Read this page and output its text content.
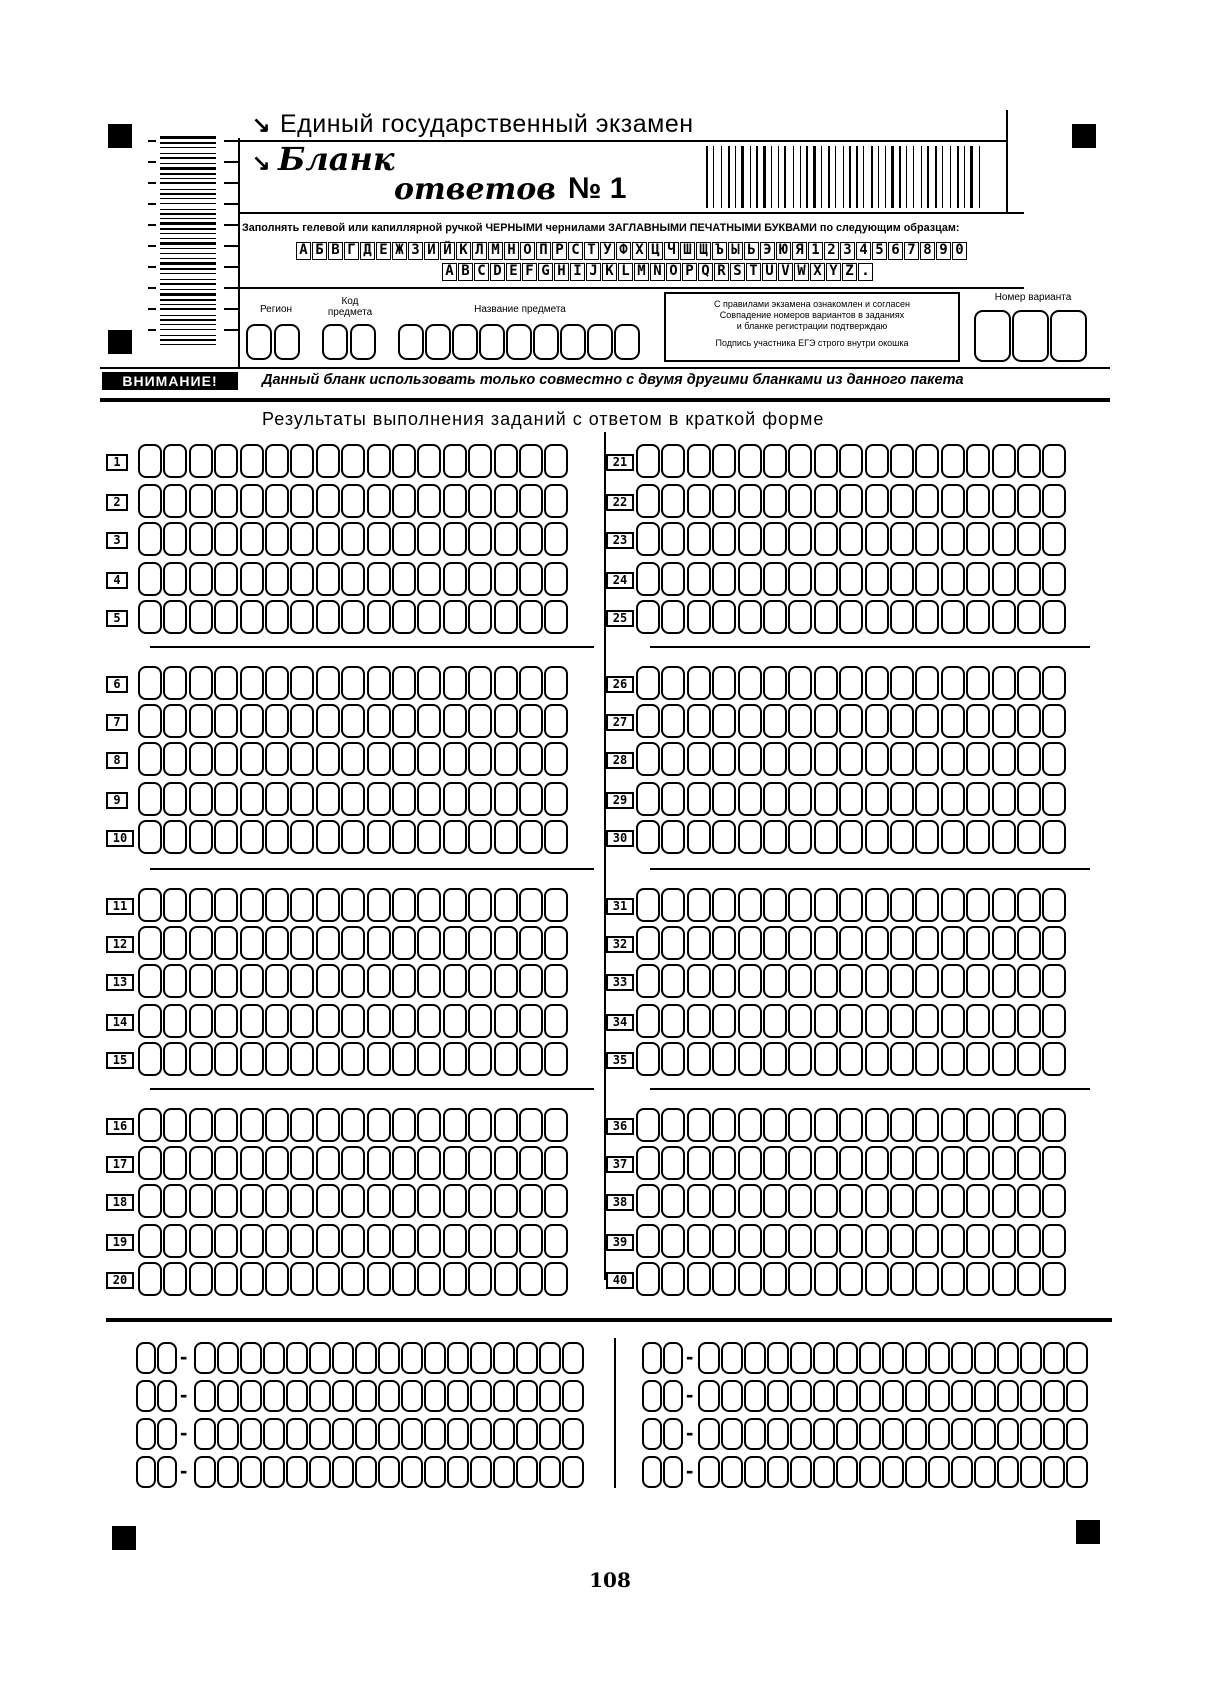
↘ Единый государственный экзамен
↘ Бланк
ответов № 1
Заполнять гелевой или капиллярной ручкой ЧЕРНЫМИ чернилами ЗАГЛАВНЫМИ ПЕЧАТНЫМИ БУКВАМИ по следующим образцам:
А Б В Г Д Е Ж З И Й К Л М Н О П Р С Т У Ф Х Ц Ч Ш Щ Ъ Ы Ь Э Ю Я 1 2 3 4 5 6 7 8 9 0
A B C D E F G H I J K L M N O P Q R S T U V W X Y Z .
Регион
Код предмета	Название предмета	С правилами экзамена ознакомлен и согласен
Совпадение номеров вариантов в заданиях
и бланке регистрации подтверждаю
Подпись участника ЕГЭ строго внутри окошка
Номер варианта
ВНИМАНИЕ!	Данный бланк использовать только совместно с двумя другими бланками из данного пакета
Результаты выполнения заданий с ответом в краткой форме
1
2
3
4
5
6
7
8
9
10
11
12
13
14
15
16
17
18
19
20
21
22
23
24
25
26
27
28
29
30
31
32
33
34
35
36
37
38
39
40
-	-
-	-
-	-
-	-
108
